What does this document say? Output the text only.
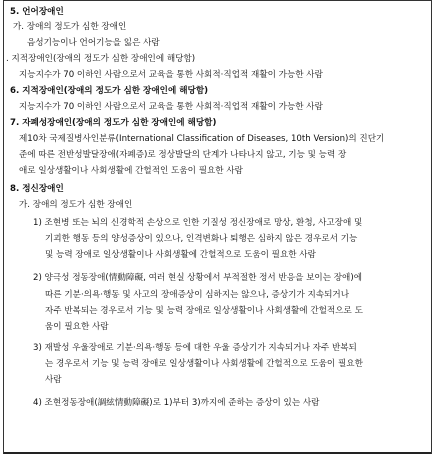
5. 언어장애인
가. 장애의 정도가 심한 장애인
음성기능이나 언어기능을 잃은 사람
. 지적장애인(장애의 정도가 심한 장애인에 해당함)
지능지수가 70 이하인 사람으로서 교육을 통한 사회적·직업적 재활이 가능한 사람
6. 지적장애인(장애의 정도가 심한 장애인에 해당함)
지능지수가 70 이하인 사람으로서 교육을 통한 사회적·직업적 재활이 가능한 사람
7. 자폐성장애인(장애의 정도가 심한 장애인에 해당함)
제10차 국제질병사인분류(International Classification of Diseases, 10th Version)의 진단기
준에 따른 전반성발달장애(자폐증)로 정상발달의 단계가 나타나지 않고, 기능 및 능력 장
애로 일상생활이나 사회생활에 간헐적인 도움이 필요한 사람
8. 정신장애인
가. 장애의 정도가 심한 장애인
1) 조현병 또는 뇌의 신경학적 손상으로 인한 기질성 정신장애로 망상, 환청, 사고장애 및
기괴한 행동 등의 양성증상이 있으나, 인격변화나 퇴행은 심하지 않은 경우로서 기능
및 능력 장애로 일상생활이나 사회생활에 간헐적으로 도움이 필요한 사람
2) 양극성 정동장애(情動障礙, 여러 현실 상황에서 부적절한 정서 반응을 보이는 장애)에
따른 기분·의욕·행동 및 사고의 장애증상이 심하지는 않으나, 증상기가 지속되거나
자주 반복되는 경우로서 기능 및 능력 장애로 일상생활이나 사회생활에 간헐적으로 도
움이 필요한 사람
3) 재발성 우울장애로 기분·의욕·행동 등에 대한 우울 증상기가 지속되거나 자주 반복되
는 경우로서 기능 및 능력 장애로 일상생활이나 사회생활에 간헐적으로 도움이 필요한
사람
4) 조현정동장애(調絃情動障礙)로 1)부터 3)까지에 준하는 증상이 있는 사람
